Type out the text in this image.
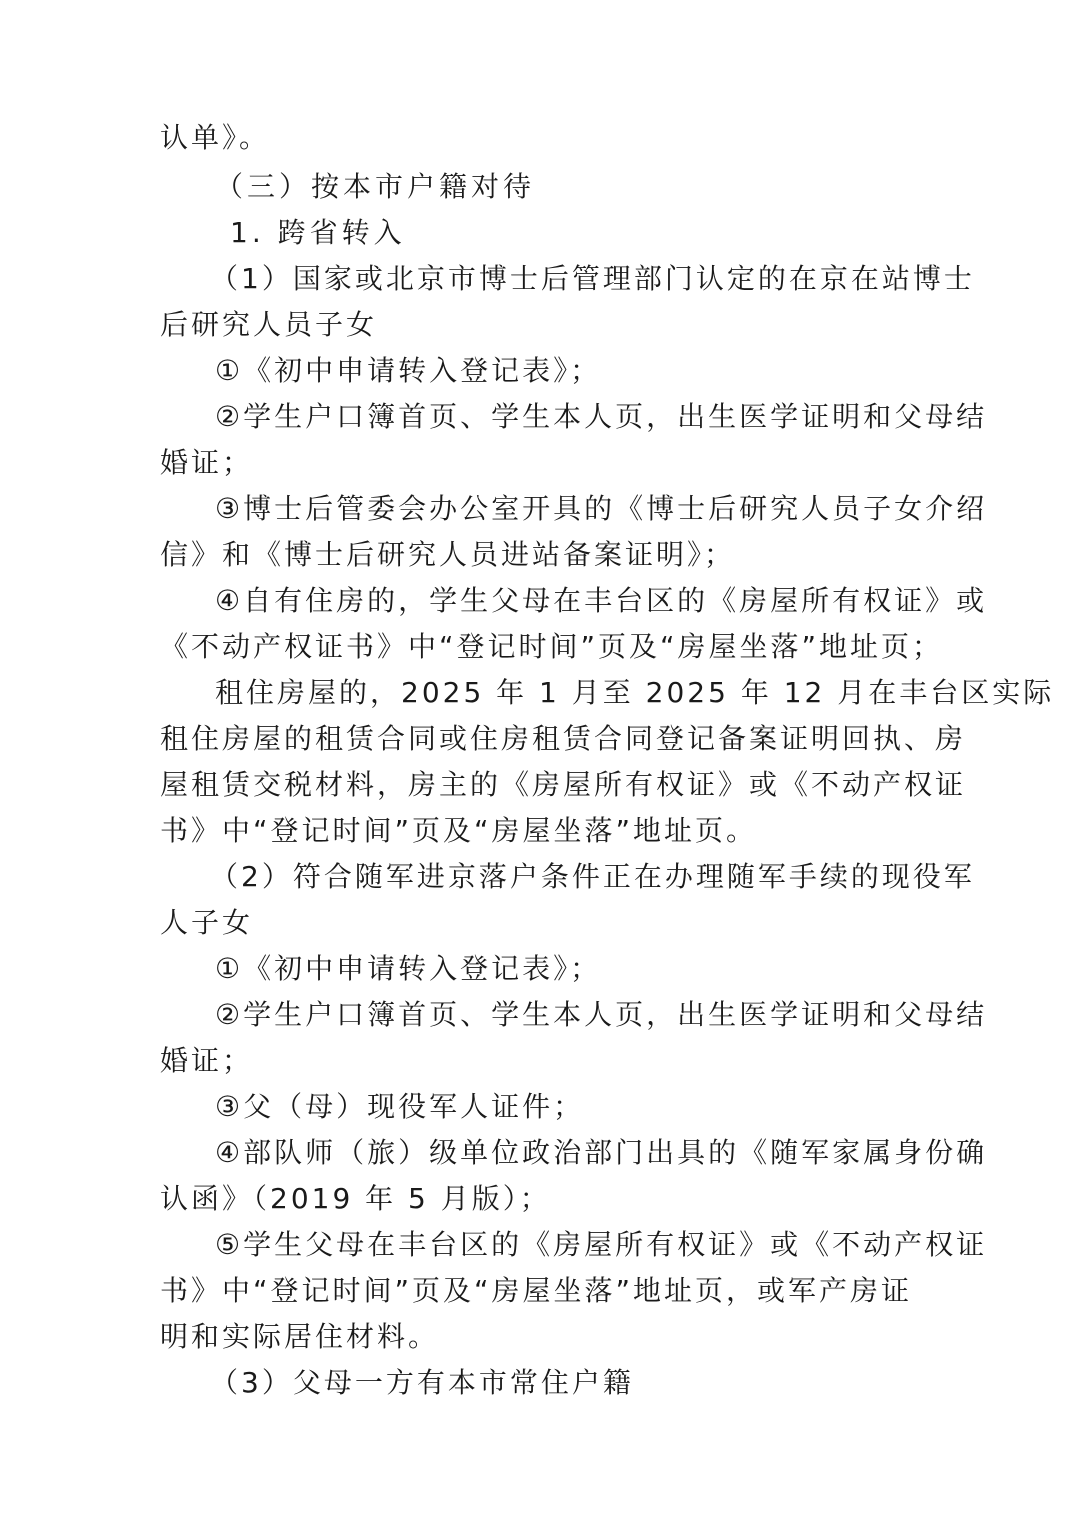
认单》。

（三）按本市户籍对待

1. 跨省转入

（1）国家或北京市博士后管理部门认定的在京在站博士

后研究人员子女

①《初中申请转入登记表》；

②学生户口簿首页、学生本人页，出生医学证明和父母结

婚证；

③博士后管委会办公室开具的《博士后研究人员子女介绍

信》和《博士后研究人员进站备案证明》；

④自有住房的，学生父母在丰台区的《房屋所有权证》或

《不动产权证书》中“登记时间”页及“房屋坐落”地址页；

租住房屋的，2025 年 1 月至 2025 年 12 月在丰台区实际

租住房屋的租赁合同或住房租赁合同登记备案证明回执、房

屋租赁交税材料，房主的《房屋所有权证》或《不动产权证

书》中“登记时间”页及“房屋坐落”地址页。

（2）符合随军进京落户条件正在办理随军手续的现役军

人子女

①《初中申请转入登记表》；

②学生户口簿首页、学生本人页，出生医学证明和父母结

婚证；

③父（母）现役军人证件；

④部队师（旅）级单位政治部门出具的《随军家属身份确

认函》（2019 年 5 月版）；

⑤学生父母在丰台区的《房屋所有权证》或《不动产权证

书》中“登记时间”页及“房屋坐落”地址页，或军产房证

明和实际居住材料。

（3）父母一方有本市常住户籍
